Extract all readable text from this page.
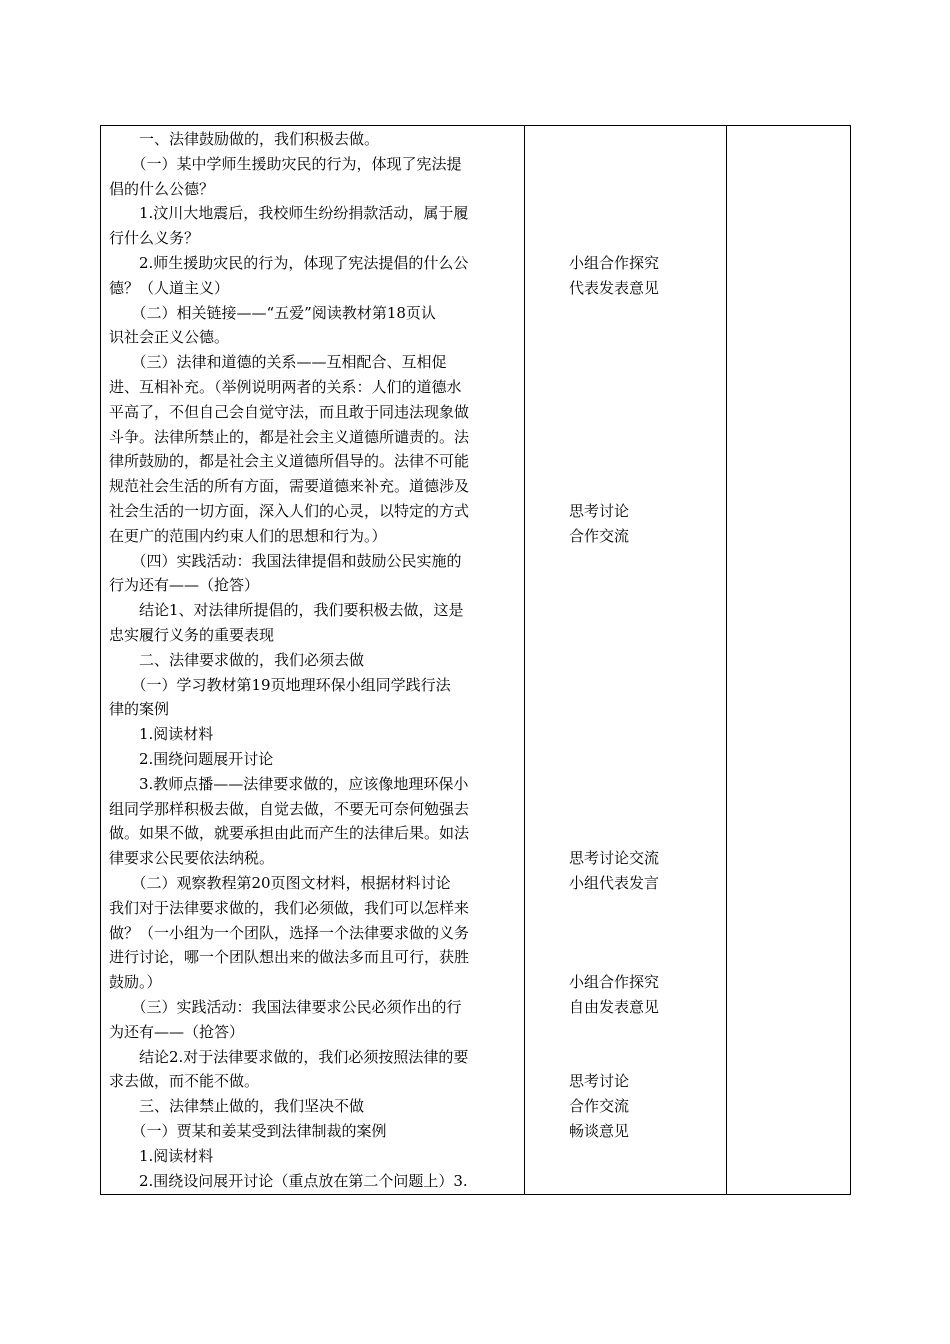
　　一、法律鼓励做的，我们积极去做。
　　（一）某中学师生援助灾民的行为，体现了宪法提
倡的什么公德？
　　1.汶川大地震后，我校师生纷纷捐款活动，属于履
行什么义务？
　　2.师生援助灾民的行为，体现了宪法提倡的什么公
德？（人道主义）
　　（二）相关链接——“五爱”阅读教材第18页认
识社会正义公德。
　　（三）法律和道德的关系——互相配合、互相促
进、互相补充。（举例说明两者的关系：人们的道德水
平高了，不但自己会自觉守法，而且敢于同违法现象做
斗争。法律所禁止的，都是社会主义道德所谴责的。法
律所鼓励的，都是社会主义道德所倡导的。法律不可能
规范社会生活的所有方面，需要道德来补充。道德涉及
社会生活的一切方面，深入人们的心灵，以特定的方式
在更广的范围内约束人们的思想和行为。）
　　（四）实践活动：我国法律提倡和鼓励公民实施的
行为还有——（抢答）
　　结论1、对法律所提倡的，我们要积极去做，这是
忠实履行义务的重要表现
　　二、法律要求做的，我们必须去做
　　（一）学习教材第19页地理环保小组同学践行法
律的案例
　　1.阅读材料
　　2.围绕问题展开讨论
　　3.教师点播——法律要求做的，应该像地理环保小
组同学那样积极去做，自觉去做，不要无可奈何勉强去
做。如果不做，就要承担由此而产生的法律后果。如法
律要求公民要依法纳税。
　　（二）观察教程第20页图文材料，根据材料讨论
我们对于法律要求做的，我们必须做，我们可以怎样来
做？（一小组为一个团队，选择一个法律要求做的义务
进行讨论，哪一个团队想出来的做法多而且可行，获胜
鼓励。）
　　（三）实践活动：我国法律要求公民必须作出的行
为还有——（抢答）
　　结论2.对于法律要求做的，我们必须按照法律的要
求去做，而不能不做。
　　三、法律禁止做的，我们坚决不做
　　（一）贾某和姜某受到法律制裁的案例
　　1.阅读材料
　　2.围绕设问展开讨论（重点放在第二个问题上）3.
小组合作探究
代表发表意见
思考讨论
合作交流
思考讨论交流
小组代表发言
小组合作探究
自由发表意见
思考讨论
合作交流
畅谈意见
